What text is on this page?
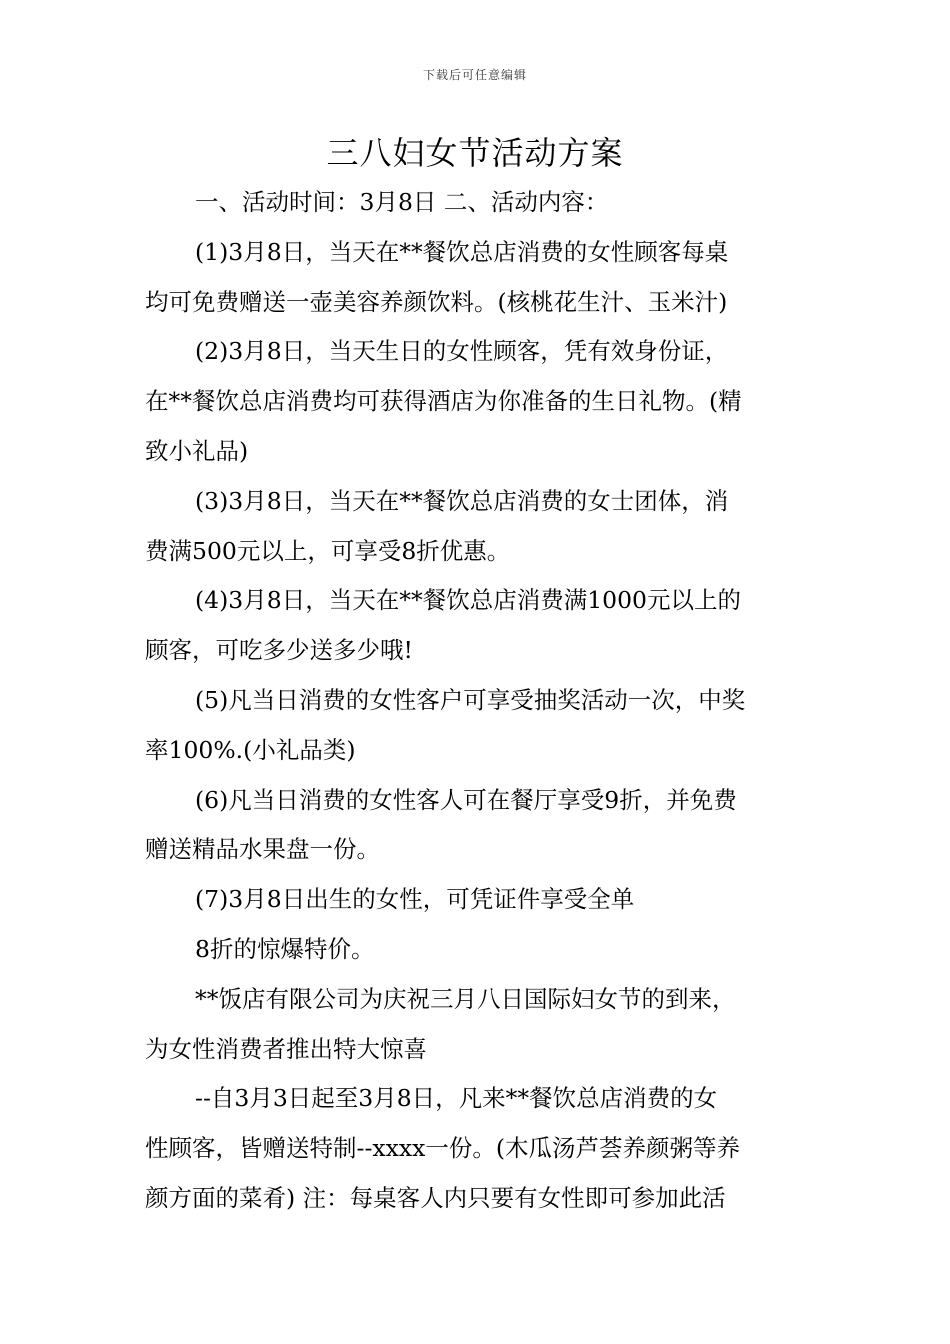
下载后可任意编辑
三八妇女节活动方案
一、活动时间：3月8日 二、活动内容：
(1)3月8日，当天在**餐饮总店消费的女性顾客每桌
均可免费赠送一壶美容养颜饮料。(核桃花生汁、玉米汁)
(2)3月8日，当天生日的女性顾客，凭有效身份证，
在**餐饮总店消费均可获得酒店为你准备的生日礼物。(精
致小礼品)
(3)3月8日，当天在**餐饮总店消费的女士团体，消
费满500元以上，可享受8折优惠。
(4)3月8日，当天在**餐饮总店消费满1000元以上的
顾客，可吃多少送多少哦!
(5)凡当日消费的女性客户可享受抽奖活动一次，中奖
率100%.(小礼品类)
(6)凡当日消费的女性客人可在餐厅享受9折，并免费
赠送精品水果盘一份。
(7)3月8日出生的女性，可凭证件享受全单
8折的惊爆特价。
**饭店有限公司为庆祝三月八日国际妇女节的到来，
为女性消费者推出特大惊喜
--自3月3日起至3月8日，凡来**餐饮总店消费的女
性顾客，皆赠送特制--xxxx一份。(木瓜汤芦荟养颜粥等养
颜方面的菜肴) 注：每桌客人内只要有女性即可参加此活
